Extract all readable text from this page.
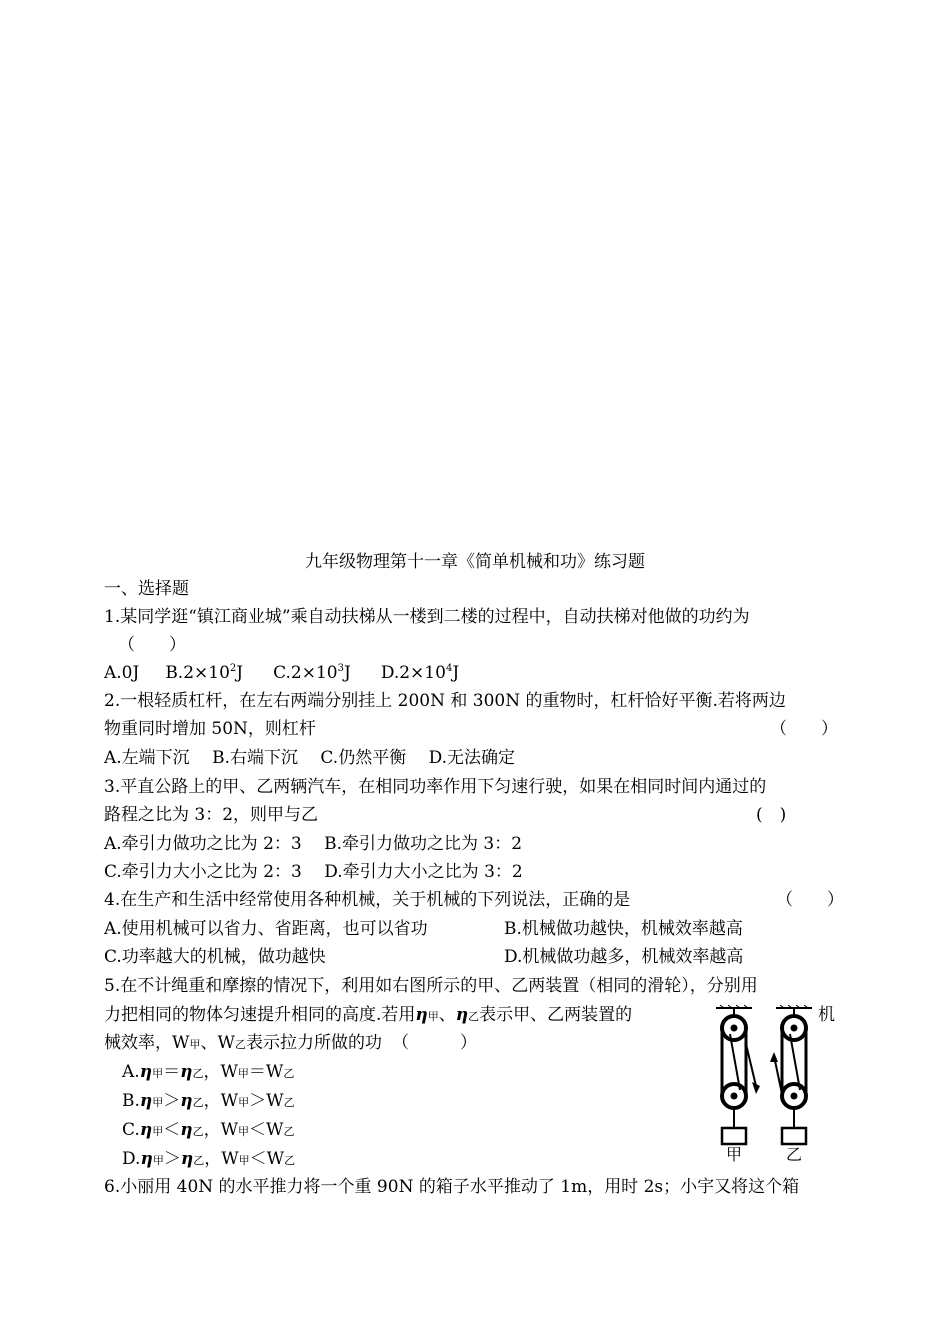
九年级物理第十一章《简单机械和功》练习题
一、选择题
1.某同学逛“镇江商业城”乘自动扶梯从一楼到二楼的过程中，自动扶梯对他做的功约为
（　　）
A.0J $B.2\times 10^2J$ $C.2\times 10^3J$ $D.2\times 10^4J$
2.一根轻质杠杆，在左右两端分别挂上 200N 和 300N 的重物时，杠杆恰好平衡.若将两边
物重同时增加 50N，则杠杆	（　　）
A.左端下沉　 B.右端下沉　 C.仍然平衡　 D.无法确定
3.平直公路上的甲、乙两辆汽车，在相同功率作用下匀速行驶，如果在相同时间内通过的
路程之比为 3：2，则甲与乙	(　)
A.牵引力做功之比为 2：3　 B.牵引力做功之比为 3：2
C.牵引力大小之比为 2：3　 D.牵引力大小之比为 3：2
4.在生产和生活中经常使用各种机械，关于机械的下列说法，正确的是	（　　）
A.使用机械可以省力、省距离，也可以省功	B.机械做功越快，机械效率越高
C.功率越大的机械，做功越快	D.机械做功越多，机械效率越高
5.在不计绳重和摩擦的情况下，利用如右图所示的甲、乙两装置（相同的滑轮），分别用
力把相同的物体匀速提升相同的高度.若用η甲、η乙表示甲、乙两装置的	机
械效率，W甲、W乙表示拉力所做的功 （　　　）
A.η甲＝η乙，W甲＝W乙
B.η甲＞η乙，W甲＞W乙
C.η甲＜η乙，W甲＜W乙
D.η甲＞η乙，W甲＜W乙	甲	乙
6.小丽用 40N 的水平推力将一个重 90N 的箱子水平推动了 1m，用时 2s；小宇又将这个箱
